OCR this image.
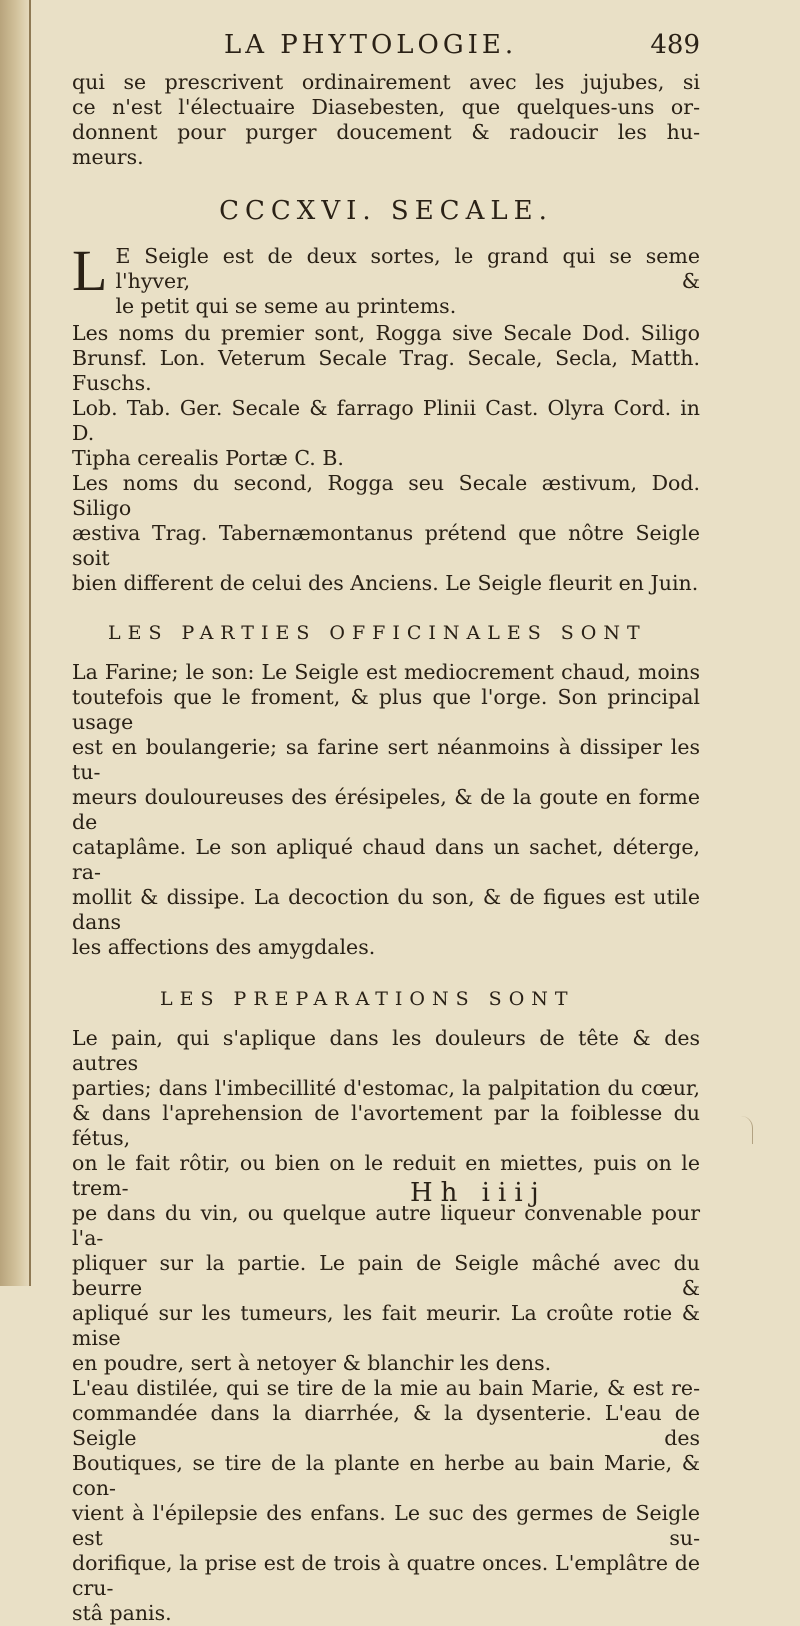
LA PHYTOLOGIE.	489

qui se prescrivent ordinairement avec les jujubes, si

ce n'est l'électuaire Diasebesten, que quelques-uns or-

donnent pour purger doucement & radoucir les hu-

meurs.

CCCXVI. SECALE.
L E Seigle est de deux sortes, le grand qui se seme l'hyver, &

le petit qui se seme au printems.

Les noms du premier sont, Rogga sive Secale Dod. Siligo

Brunsf. Lon. Veterum Secale Trag. Secale, Secla, Matth. Fuschs.

Lob. Tab. Ger. Secale & farrago Plinii Cast. Olyra Cord. in D.

Tipha cerealis Portæ C. B.

Les noms du second, Rogga seu Secale æstivum, Dod. Siligo

æstiva Trag. Tabernæmontanus prétend que nôtre Seigle soit

bien different de celui des Anciens. Le Seigle fleurit en Juin.

LES PARTIES OFFICINALES SONT

La Farine; le son: Le Seigle est mediocrement chaud, moins

toutefois que le froment, & plus que l'orge. Son principal usage

est en boulangerie; sa farine sert néanmoins à dissiper les tu-

meurs douloureuses des érésipeles, & de la goute en forme de

cataplâme. Le son apliqué chaud dans un sachet, déterge, ra-

mollit & dissipe. La decoction du son, & de figues est utile dans

les affections des amygdales.

LES PREPARATIONS SONT

Le pain, qui s'aplique dans les douleurs de tête & des autres

parties; dans l'imbecillité d'estomac, la palpitation du cœur,

& dans l'aprehension de l'avortement par la foiblesse du fétus,

on le fait rôtir, ou bien on le reduit en miettes, puis on le trem-

pe dans du vin, ou quelque autre liqueur convenable pour l'a-

pliquer sur la partie. Le pain de Seigle mâché avec du beurre &

apliqué sur les tumeurs, les fait meurir. La croûte rotie & mise

en poudre, sert à netoyer & blanchir les dens.

L'eau distilée, qui se tire de la mie au bain Marie, & est re-

commandée dans la diarrhée, & la dysenterie. L'eau de Seigle des

Boutiques, se tire de la plante en herbe au bain Marie, & con-

vient à l'épilepsie des enfans. Le suc des germes de Seigle est su-

dorifique, la prise est de trois à quatre onces. L'emplâtre de cru-

stâ panis.

Hh iiij
